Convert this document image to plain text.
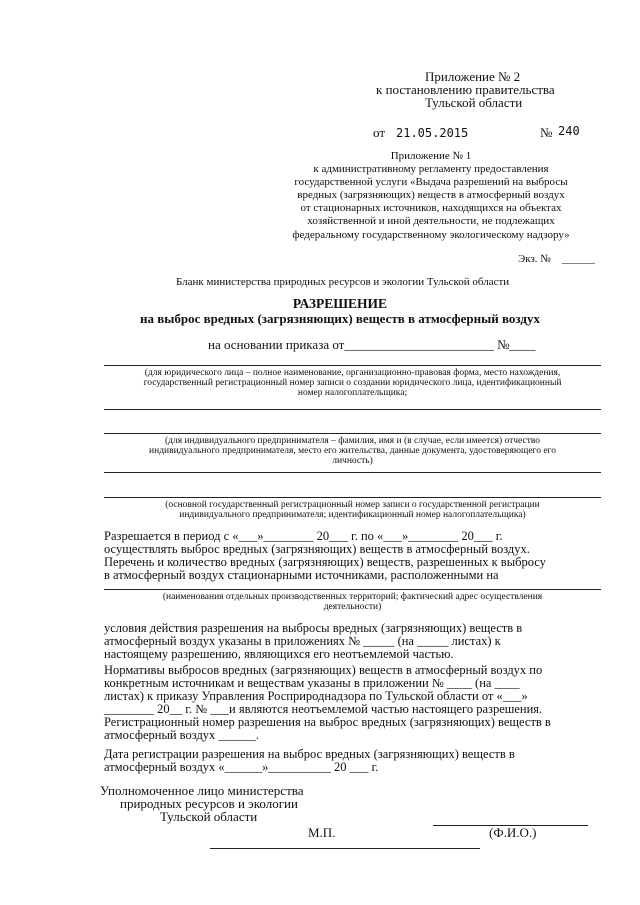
Приложение № 2
к постановлению правительства
Тульской области
от 21.05.2015	№ 240
Приложение № 1
к административному регламенту предоставления
государственной услуги «Выдача разрешений на выбросы
вредных (загрязняющих) веществ в атмосферный воздух
от стационарных источников, находящихся на объектах
хозяйственной и иной деятельности, не подлежащих
федеральному государственному экологическому надзору»
Экз. № ______
Бланк министерства природных ресурсов и экологии Тульской области
РАЗРЕШЕНИЕ
на выброс вредных (загрязняющих) веществ в атмосферный воздух
на основании приказа от_______________________ №____
(для юридического лица – полное наименование, организационно-правовая форма, место нахождения,
государственный регистрационный номер записи о создании юридического лица, идентификационный
номер налогоплательщика;
(для индивидуального предпринимателя – фамилия, имя и (в случае, если имеется) отчество
индивидуального предпринимателя, место его жительства, данные документа, удостоверяющего его
личность)
(основной государственный регистрационный номер записи о государственной регистрации
индивидуального предпринимателя; идентификационный номер налогоплательщика)
Разрешается в период с «___»________ 20___ г. по «___»________ 20___ г.
осуществлять выброс вредных (загрязняющих) веществ в атмосферный воздух.
Перечень и количество вредных (загрязняющих) веществ, разрешенных к выбросу
в атмосферный воздух стационарными источниками, расположенными на
(наименования отдельных производственных территорий; фактический адрес осуществления
деятельности)
условия действия разрешения на выбросы вредных (загрязняющих) веществ в
атмосферный воздух указаны в приложениях № _____ (на _____ листах) к
настоящему разрешению, являющихся его неотъемлемой частью.
Нормативы выбросов вредных (загрязняющих) веществ в атмосферный воздух по
конкретным источникам и веществам указаны в приложении № ____ (на ____
листах) к приказу Управления Росприроднадзора по Тульской области от «___»
________ 20__ г. № ___и являются неотъемлемой частью настоящего разрешения.
Регистрационный номер разрешения на выброс вредных (загрязняющих) веществ в
атмосферный воздух ______.
Дата регистрации разрешения на выброс вредных (загрязняющих) веществ в
атмосферный воздух «______»__________ 20 ___ г.
Уполномоченное лицо министерства
природных ресурсов и экологии
Тульской области
М.П.	(Ф.И.О.)
